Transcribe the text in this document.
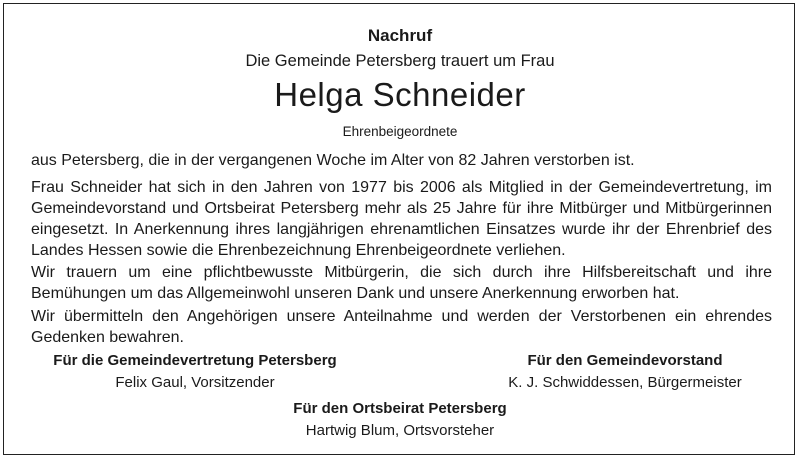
Nachruf
Die Gemeinde Petersberg trauert um Frau
Helga Schneider
Ehrenbeigeordnete
aus Petersberg, die in der vergangenen Woche im Alter von 82 Jahren verstorben ist.
Frau Schneider hat sich in den Jahren von 1977 bis 2006 als Mitglied in der Gemeindevertretung, im Gemeindevorstand und Ortsbeirat Petersberg mehr als 25 Jahre für ihre Mitbürger und Mitbürgerinnen eingesetzt. In Anerkennung ihres langjährigen ehrenamtlichen Einsatzes wurde ihr der Ehrenbrief des Landes Hessen sowie die Ehrenbezeichnung Ehrenbeigeordnete verliehen.
Wir trauern um eine pflichtbewusste Mitbürgerin, die sich durch ihre Hilfsbereitschaft und ihre Bemühungen um das Allgemeinwohl unseren Dank und unsere Anerkennung erworben hat.
Wir übermitteln den Angehörigen unsere Anteilnahme und werden der Verstorbenen ein ehrendes Gedenken bewahren.
Für die Gemeindevertretung Petersberg
Felix Gaul, Vorsitzender
Für den Gemeindevorstand
K. J. Schwiddessen, Bürgermeister
Für den Ortsbeirat Petersberg
Hartwig Blum, Ortsvorsteher
